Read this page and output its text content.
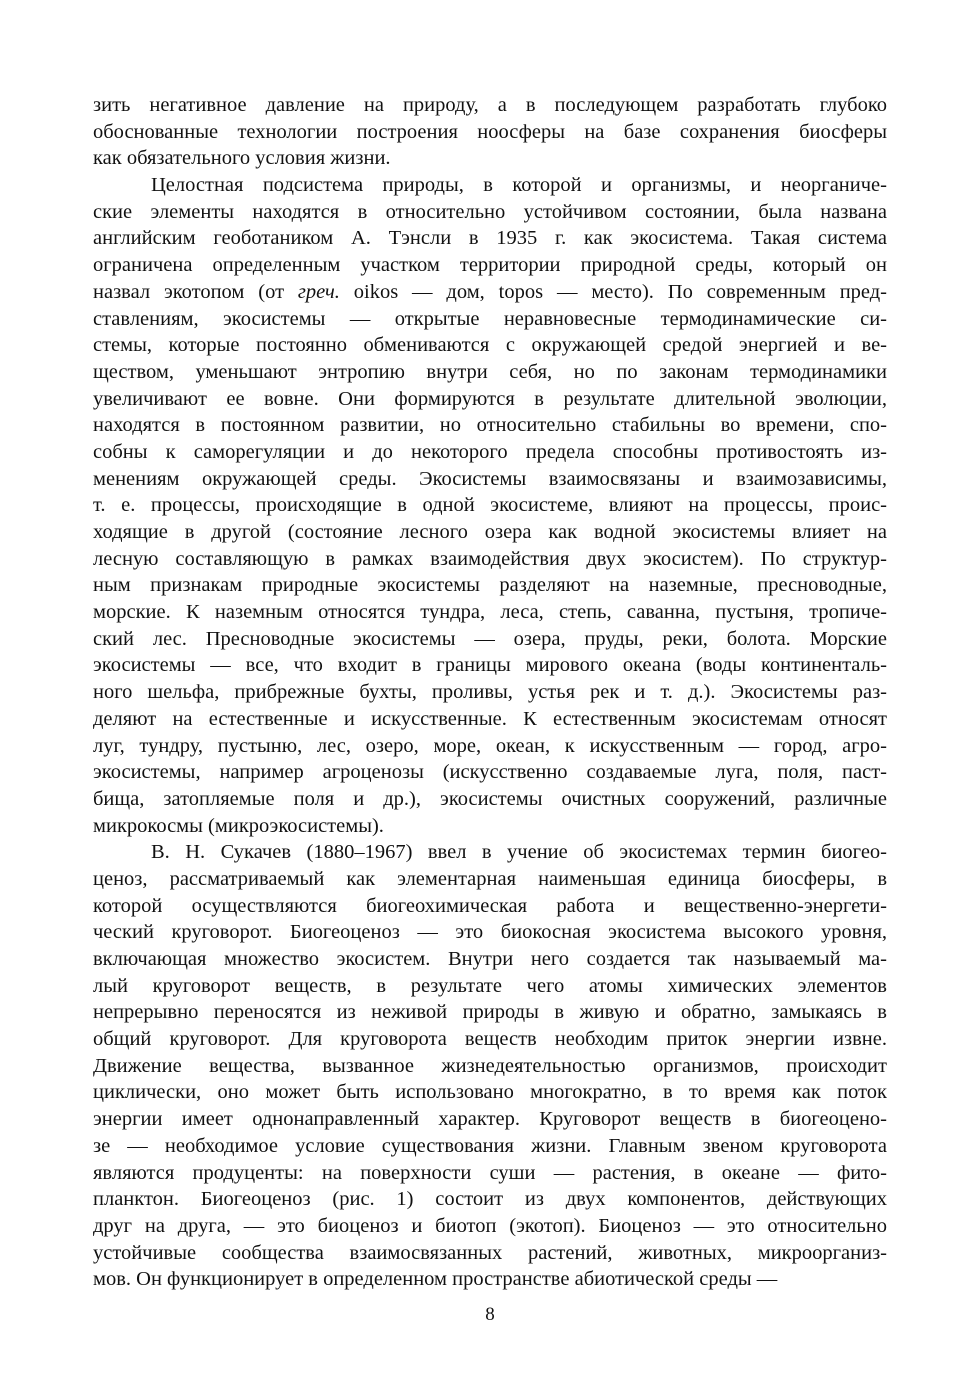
зить негативное давление на природу, а в последующем разработать глубоко
обоснованные технологии построения ноосферы на базе сохранения биосферы
как обязательного условия жизни.
Целостная подсистема природы, в которой и организмы, и неорганиче-
ские элементы находятся в относительно устойчивом состоянии, была названа
английским геоботаником А. Тэнсли в 1935 г. как экосистема. Такая система
ограничена определенным участком территории природной среды, который он
назвал экотопом (от греч. oikos — дом, topos — место). По современным пред-
ставлениям, экосистемы — открытые неравновесные термодинамические си-
стемы, которые постоянно обмениваются с окружающей средой энергией и ве-
ществом, уменьшают энтропию внутри себя, но по законам термодинамики
увеличивают ее вовне. Они формируются в результате длительной эволюции,
находятся в постоянном развитии, но относительно стабильны во времени, спо-
собны к саморегуляции и до некоторого предела способны противостоять из-
менениям окружающей среды. Экосистемы взаимосвязаны и взаимозависимы,
т. е. процессы, происходящие в одной экосистеме, влияют на процессы, проис-
ходящие в другой (состояние лесного озера как водной экосистемы влияет на
лесную составляющую в рамках взаимодействия двух экосистем). По структур-
ным признакам природные экосистемы разделяют на наземные, пресноводные,
морские. К наземным относятся тундра, леса, степь, саванна, пустыня, тропиче-
ский лес. Пресноводные экосистемы — озера, пруды, реки, болота. Морские
экосистемы — все, что входит в границы мирового океана (воды континенталь-
ного шельфа, прибрежные бухты, проливы, устья рек и т. д.). Экосистемы раз-
деляют на естественные и искусственные. К естественным экосистемам относят
луг, тундру, пустыню, лес, озеро, море, океан, к искусственным — город, агро-
экосистемы, например агроценозы (искусственно создаваемые луга, поля, паст-
бища, затопляемые поля и др.), экосистемы очистных сооружений, различные
микрокосмы (микроэкосистемы).
В. Н. Сукачев (1880–1967) ввел в учение об экосистемах термин биогео-
ценоз, рассматриваемый как элементарная наименьшая единица биосферы, в
которой осуществляются биогеохимическая работа и вещественно-энергети-
ческий круговорот. Биогеоценоз — это биокосная экосистема высокого уровня,
включающая множество экосистем. Внутри него создается так называемый ма-
лый круговорот веществ, в результате чего атомы химических элементов
непрерывно переносятся из неживой природы в живую и обратно, замыкаясь в
общий круговорот. Для круговорота веществ необходим приток энергии извне.
Движение вещества, вызванное жизнедеятельностью организмов, происходит
циклически, оно может быть использовано многократно, в то время как поток
энергии имеет однонаправленный характер. Круговорот веществ в биогеоцено-
зе — необходимое условие существования жизни. Главным звеном круговорота
являются продуценты: на поверхности суши — растения, в океане — фито-
планктон. Биогеоценоз (рис. 1) состоит из двух компонентов, действующих
друг на друга, — это биоценоз и биотоп (экотоп). Биоценоз — это относительно
устойчивые сообщества взаимосвязанных растений, животных, микроорганиз-
мов. Он функционирует в определенном пространстве абиотической среды —
8
